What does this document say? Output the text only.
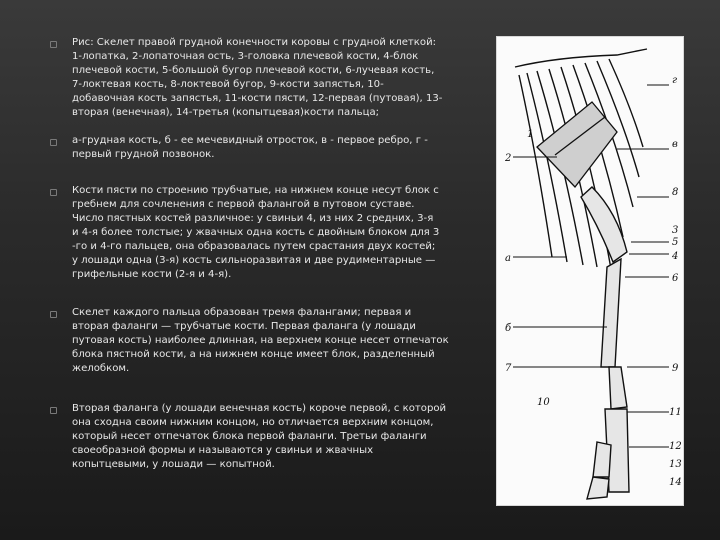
Рис: Скелет правой грудной конечности коровы с грудной клеткой:
1-лопатка, 2-лопаточная ость, 3-головка плечевой кости, 4-блок
плечевой кости, 5-большой бугор плечевой кости, 6-лучевая кость,
7-локтевая кость, 8-локтевой бугор, 9-кости запястья, 10-
добавочная кость запястья, 11-кости пясти, 12-первая (путовая), 13-
вторая (венечная), 14-третья (копытцевая)кости пальца;

а-грудная кость, б - ее мечевидный отросток, в - первое ребро, г -
первый грудной позвонок.

Кости пясти по строению трубчатые, на нижнем конце несут блок с
гребнем для сочленения с первой фалангой в путовом суставе.
Число пястных костей различное: у свиньи 4, из них 2 средних, 3-я
и 4-я более толстые; у жвачных одна кость с двойным блоком для 3
-го и 4-го пальцев, она образовалась путем срастания двух костей;
у лошади одна (3-я) кость сильноразвитая и две рудиментарные —
грифельные кости (2-я и 4-я).

Скелет каждого пальца образован тремя фалангами; первая и
вторая фаланги — трубчатые кости. Первая фаланга (у лошади
путовая кость) наиболее длинная, на верхнем конце несет отпечаток
блока пястной кости, а на нижнем конце имеет блок, разделенный
желобком.

Вторая фаланга (у лошади венечная кость) короче первой, с которой
она сходна своим нижним концом, но отличается верхним концом,
который несет отпечаток блока первой фаланги. Третьи фаланги
своеобразной формы и называются у свиньи и жвачных
копытцевыми, у лошади — копытной.

г
в
1
2
а
б
7
10
8
3
5
4
6
9
11
12
13
14
